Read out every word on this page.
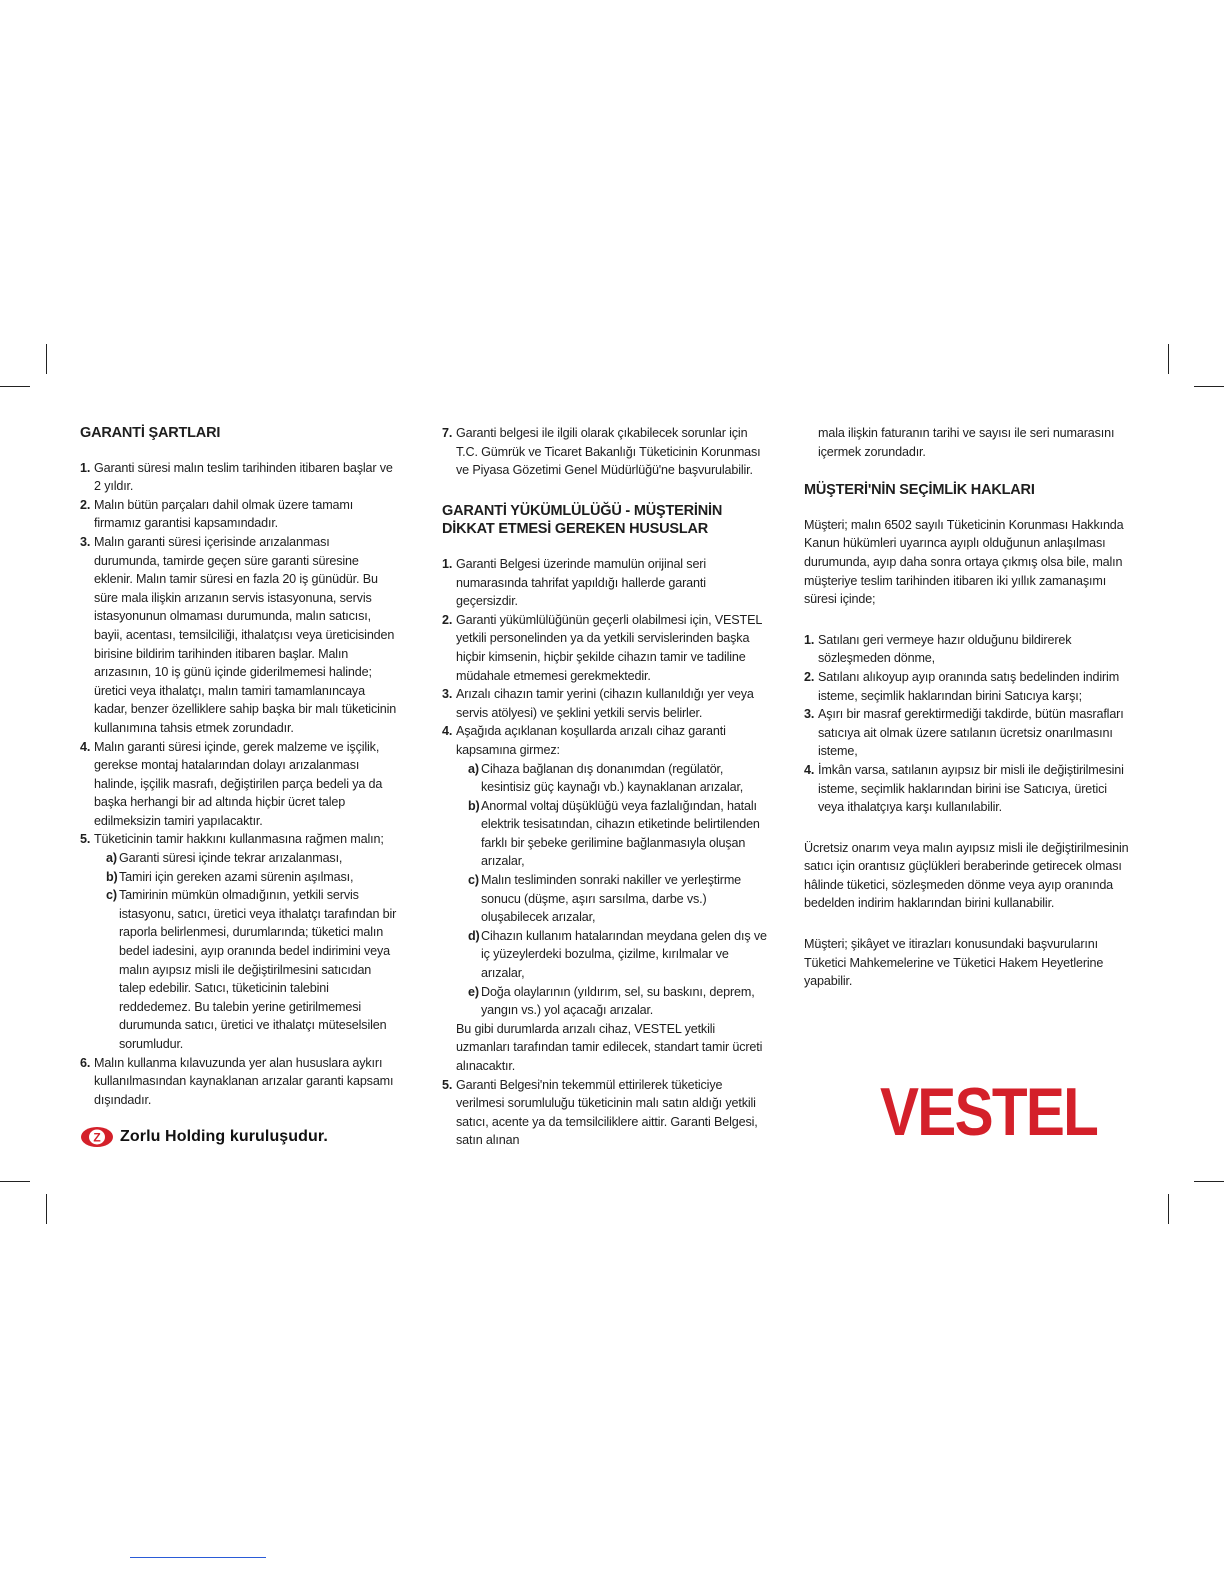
GARANTİ ŞARTLARI
1. Garanti süresi malın teslim tarihinden itibaren başlar ve 2 yıldır.
2. Malın bütün parçaları dahil olmak üzere tamamı firmamız garantisi kapsamındadır.
3. Malın garanti süresi içerisinde arızalanması durumunda, tamirde geçen süre garanti süresine eklenir. Malın tamir süresi en fazla 20 iş günüdür. Bu süre mala ilişkin arızanın servis istasyonuna, servis istasyonunun olmaması durumunda, malın satıcısı, bayii, acentası, temsilciliği, ithalatçısı veya üreticisinden birisine bildirim tarihinden itibaren başlar. Malın arızasının, 10 iş günü içinde giderilmemesi halinde; üretici veya ithalatçı, malın tamiri tamamlanıncaya kadar, benzer özelliklere sahip başka bir malı tüketicinin kullanımına tahsis etmek zorundadır.
4. Malın garanti süresi içinde, gerek malzeme ve işçilik, gerekse montaj hatalarından dolayı arızalanması halinde, işçilik masrafı, değiştirilen parça bedeli ya da başka herhangi bir ad altında hiçbir ücret talep edilmeksizin tamiri yapılacaktır.
5. Tüketicinin tamir hakkını kullanmasına rağmen malın;
a) Garanti süresi içinde tekrar arızalanması,
b) Tamiri için gereken azami sürenin aşılması,
c) Tamirinin mümkün olmadığının, yetkili servis istasyonu, satıcı, üretici veya ithalatçı tarafından bir raporla belirlenmesi, durumlarında; tüketici malın bedel iadesini, ayıp oranında bedel indirimini veya malın ayıpsız misli ile değiştirilmesini satıcıdan talep edebilir. Satıcı, tüketicinin talebini reddedemez. Bu talebin yerine getirilmemesi durumunda satıcı, üretici ve ithalatçı müteselsilen sorumludur.
6. Malın kullanma kılavuzunda yer alan hususlara aykırı kullanılmasından kaynaklanan arızalar garanti kapsamı dışındadır.
7. Garanti belgesi ile ilgili olarak çıkabilecek sorunlar için T.C. Gümrük ve Ticaret Bakanlığı Tüketicinin Korunması ve Piyasa Gözetimi Genel Müdürlüğü'ne başvurulabilir.
GARANTİ YÜKÜMLÜLÜĞÜ - MÜŞTERİNİN DİKKAT ETMESİ GEREKEN HUSUSLAR
1. Garanti Belgesi üzerinde mamulün orijinal seri numarasında tahrifat yapıldığı hallerde garanti geçersizdir.
2. Garanti yükümlülüğünün geçerli olabilmesi için, VESTEL yetkili personelinden ya da yetkili servislerinden başka hiçbir kimsenin, hiçbir şekilde cihazın tamir ve tadiline müdahale etmemesi gerekmektedir.
3. Arızalı cihazın tamir yerini (cihazın kullanıldığı yer veya servis atölyesi) ve şeklini yetkili servis belirler.
4. Aşağıda açıklanan koşullarda arızalı cihaz garanti kapsamına girmez:
a) Cihaza bağlanan dış donanımdan (regülatör, kesintisiz güç kaynağı vb.) kaynaklanan arızalar,
b) Anormal voltaj düşüklüğü veya fazlalığından, hatalı elektrik tesisatından, cihazın etiketinde belirtilenden farklı bir şebeke gerilimine bağlanmasıyla oluşan arızalar,
c) Malın tesliminden sonraki nakiller ve yerleştirme sonucu (düşme, aşırı sarsılma, darbe vs.) oluşabilecek arızalar,
d) Cihazın kullanım hatalarından meydana gelen dış ve iç yüzeylerdeki bozulma, çizilme, kırılmalar ve arızalar,
e) Doğa olaylarının (yıldırım, sel, su baskını, deprem, yangın vs.) yol açacağı arızalar.
Bu gibi durumlarda arızalı cihaz, VESTEL yetkili uzmanları tarafından tamir edilecek, standart tamir ücreti alınacaktır.
5. Garanti Belgesi'nin tekemmül ettirilerek tüketiciye verilmesi sorumluluğu tüketicinin malı satın aldığı yetkili satıcı, acente ya da temsilciliklere aittir. Garanti Belgesi, satın alınan

mala ilişkin faturanın tarihi ve sayısı ile seri numarasını içermek zorundadır.

MÜŞTERİ'NİN SEÇİMLİK HAKLARI

Müşteri; malın 6502 sayılı Tüketicinin Korunması Hakkında Kanun hükümleri uyarınca ayıplı olduğunun anlaşılması durumunda, ayıp daha sonra ortaya çıkmış olsa bile, malın müşteriye teslim tarihinden itibaren iki yıllık zamanaşımı süresi içinde;

1. Satılanı geri vermeye hazır olduğunu bildirerek sözleşmeden dönme,
2. Satılanı alıkoyup ayıp oranında satış bedelinden indirim isteme, seçimlik haklarından birini Satıcıya karşı;
3. Aşırı bir masraf gerektirmediği takdirde, bütün masrafları satıcıya ait olmak üzere satılanın ücretsiz onarılmasını isteme,
4. İmkân varsa, satılanın ayıpsız bir misli ile değiştirilmesini isteme, seçimlik haklarından birini ise Satıcıya, üretici veya ithalatçıya karşı kullanılabilir.

Ücretsiz onarım veya malın ayıpsız misli ile değiştirilmesinin satıcı için orantısız güçlükleri beraberinde getirecek olması hâlinde tüketici, sözleşmeden dönme veya ayıp oranında bedelden indirim haklarından birini kullanabilir.

Müşteri; şikâyet ve itirazları konusundaki başvurularını Tüketici Mahkemelerine ve Tüketici Hakem Heyetlerine yapabilir.

Z Zorlu Holding kuruluşudur.	VESTEL
